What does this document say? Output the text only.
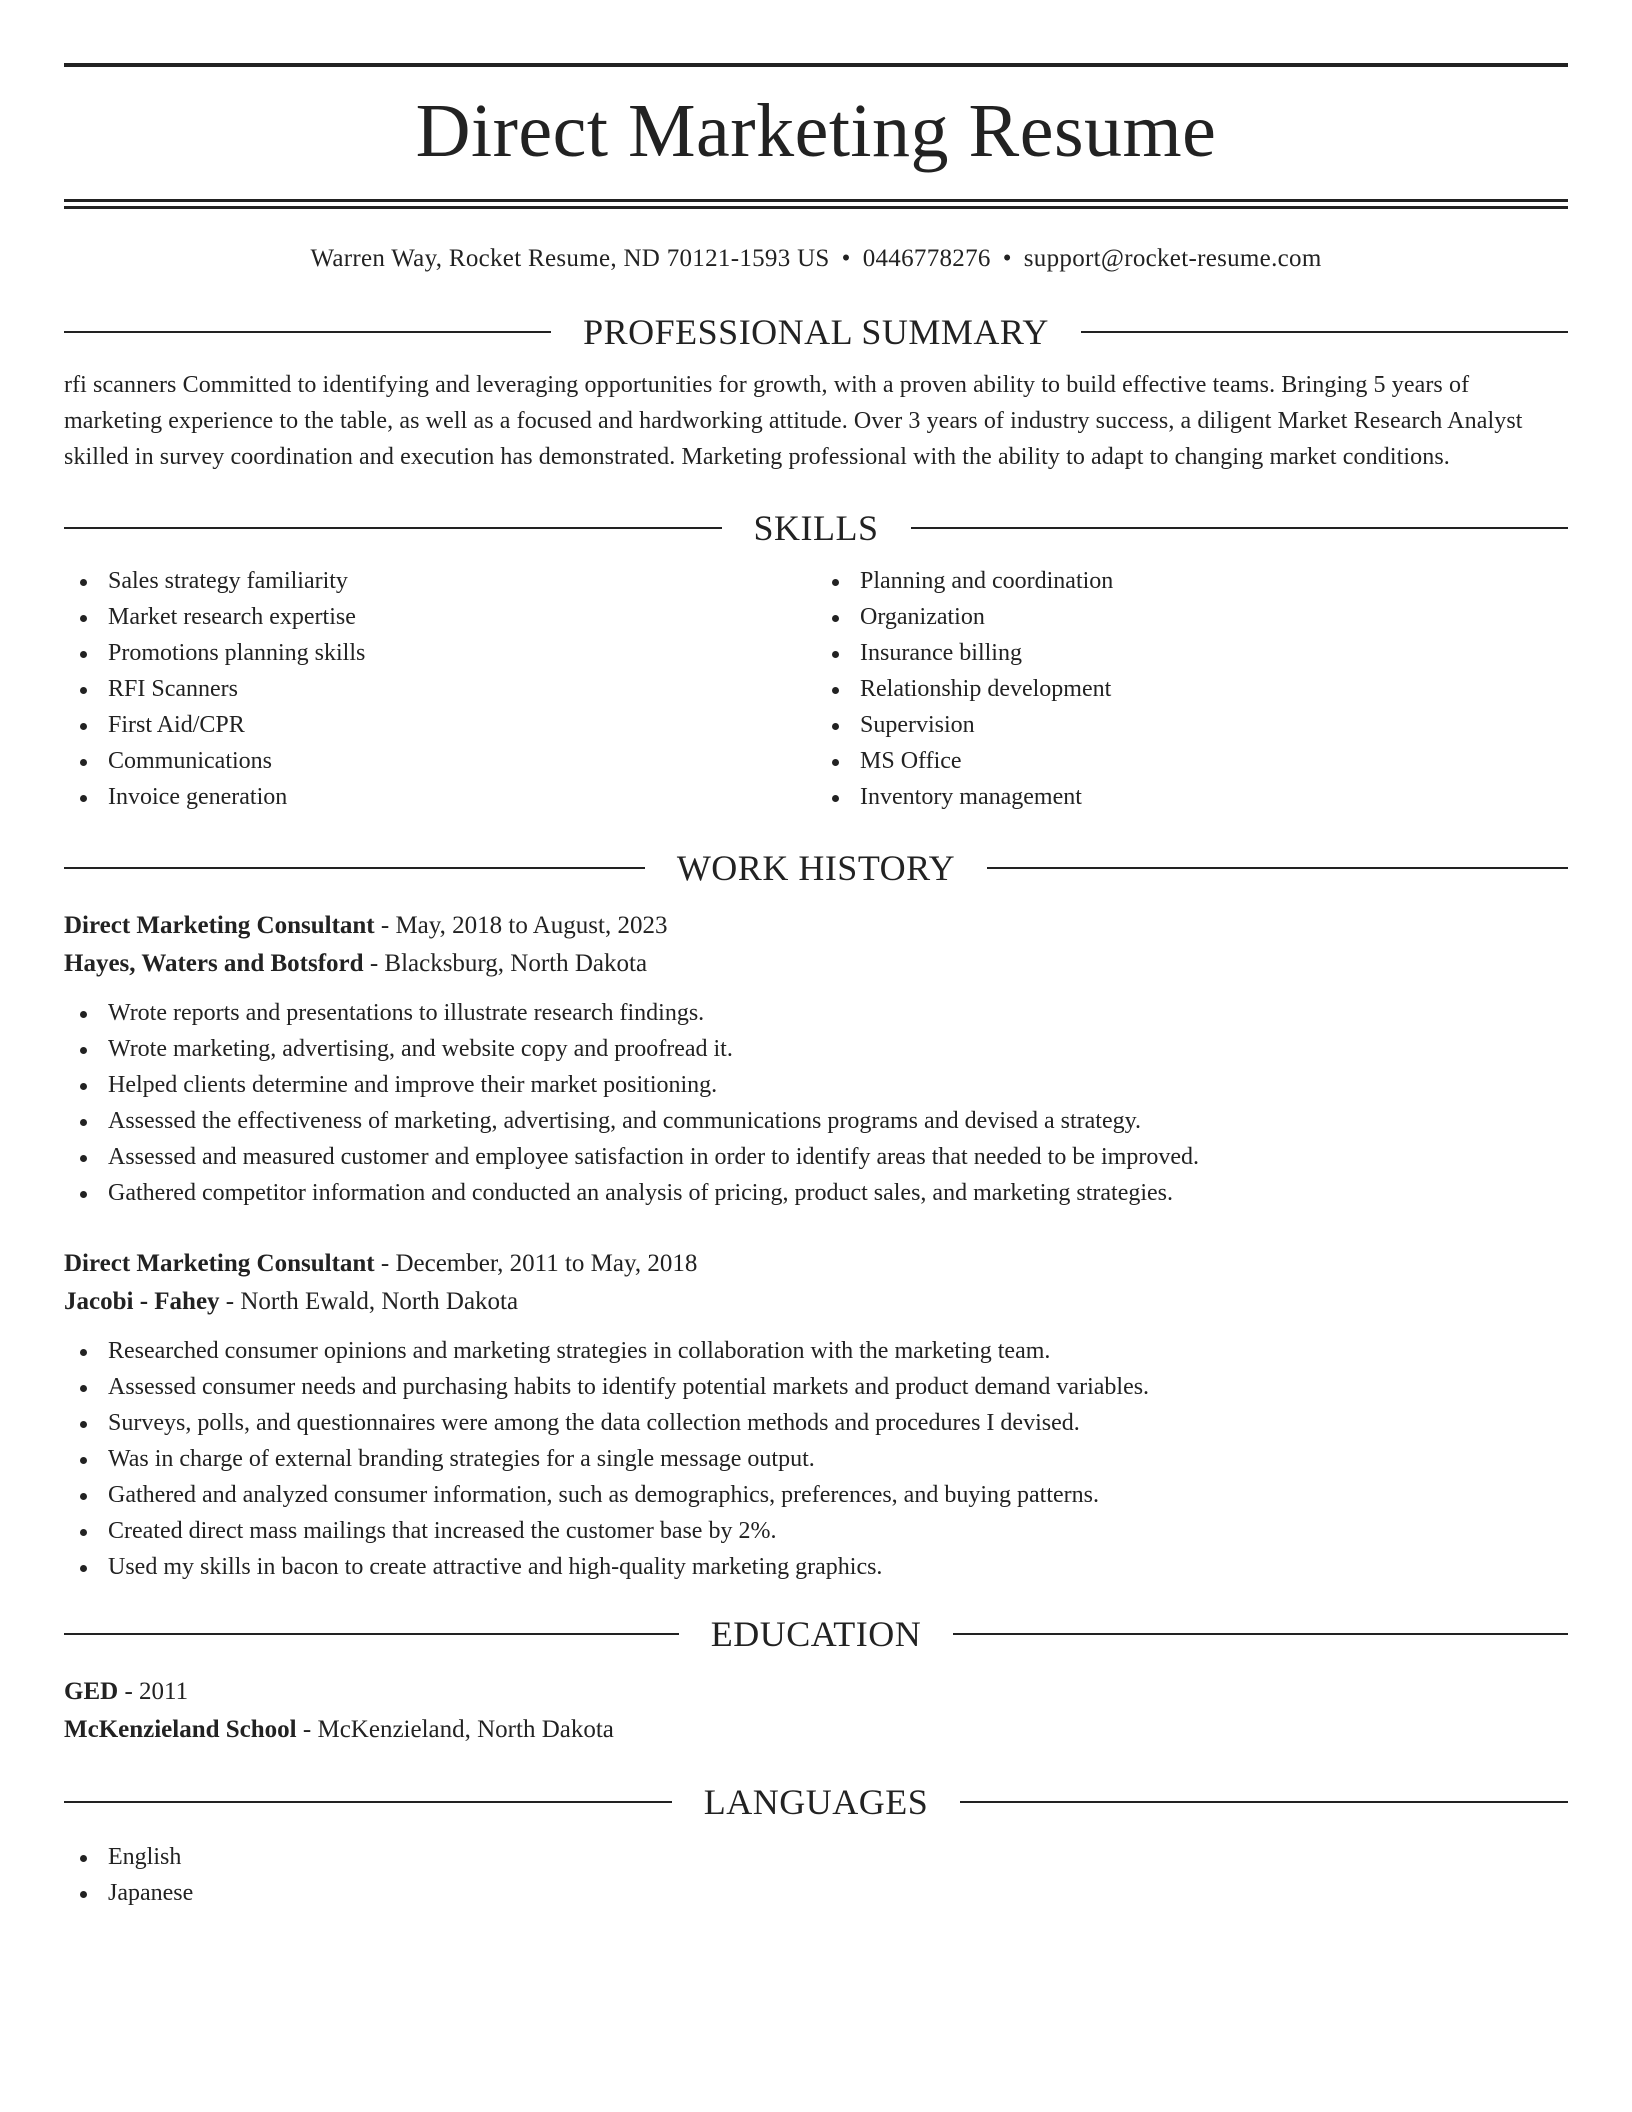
Direct Marketing Resume
Warren Way, Rocket Resume, ND 70121-1593 US • 0446778276 • support@rocket-resume.com
PROFESSIONAL SUMMARY

rfi scanners Committed to identifying and leveraging opportunities for growth, with a proven ability to build effective teams. Bringing 5 years of marketing experience to the table, as well as a focused and hardworking attitude. Over 3 years of industry success, a diligent Market Research Analyst skilled in survey coordination and execution has demonstrated. Marketing professional with the ability to adapt to changing market conditions.

SKILLS
Sales strategy familiarity
Market research expertise
Promotions planning skills
RFI Scanners
First Aid/CPR
Communications
Invoice generation
Planning and coordination
Organization
Insurance billing
Relationship development
Supervision
MS Office
Inventory management
WORK HISTORY
Direct Marketing Consultant - May, 2018 to August, 2023
Hayes, Waters and Botsford - Blacksburg, North Dakota
Wrote reports and presentations to illustrate research findings.
Wrote marketing, advertising, and website copy and proofread it.
Helped clients determine and improve their market positioning.
Assessed the effectiveness of marketing, advertising, and communications programs and devised a strategy.
Assessed and measured customer and employee satisfaction in order to identify areas that needed to be improved.
Gathered competitor information and conducted an analysis of pricing, product sales, and marketing strategies.
Direct Marketing Consultant - December, 2011 to May, 2018
Jacobi - Fahey - North Ewald, North Dakota
Researched consumer opinions and marketing strategies in collaboration with the marketing team.
Assessed consumer needs and purchasing habits to identify potential markets and product demand variables.
Surveys, polls, and questionnaires were among the data collection methods and procedures I devised.
Was in charge of external branding strategies for a single message output.
Gathered and analyzed consumer information, such as demographics, preferences, and buying patterns.
Created direct mass mailings that increased the customer base by 2%.
Used my skills in bacon to create attractive and high-quality marketing graphics.
EDUCATION
GED - 2011
McKenzieland School - McKenzieland, North Dakota
LANGUAGES
English
Japanese
